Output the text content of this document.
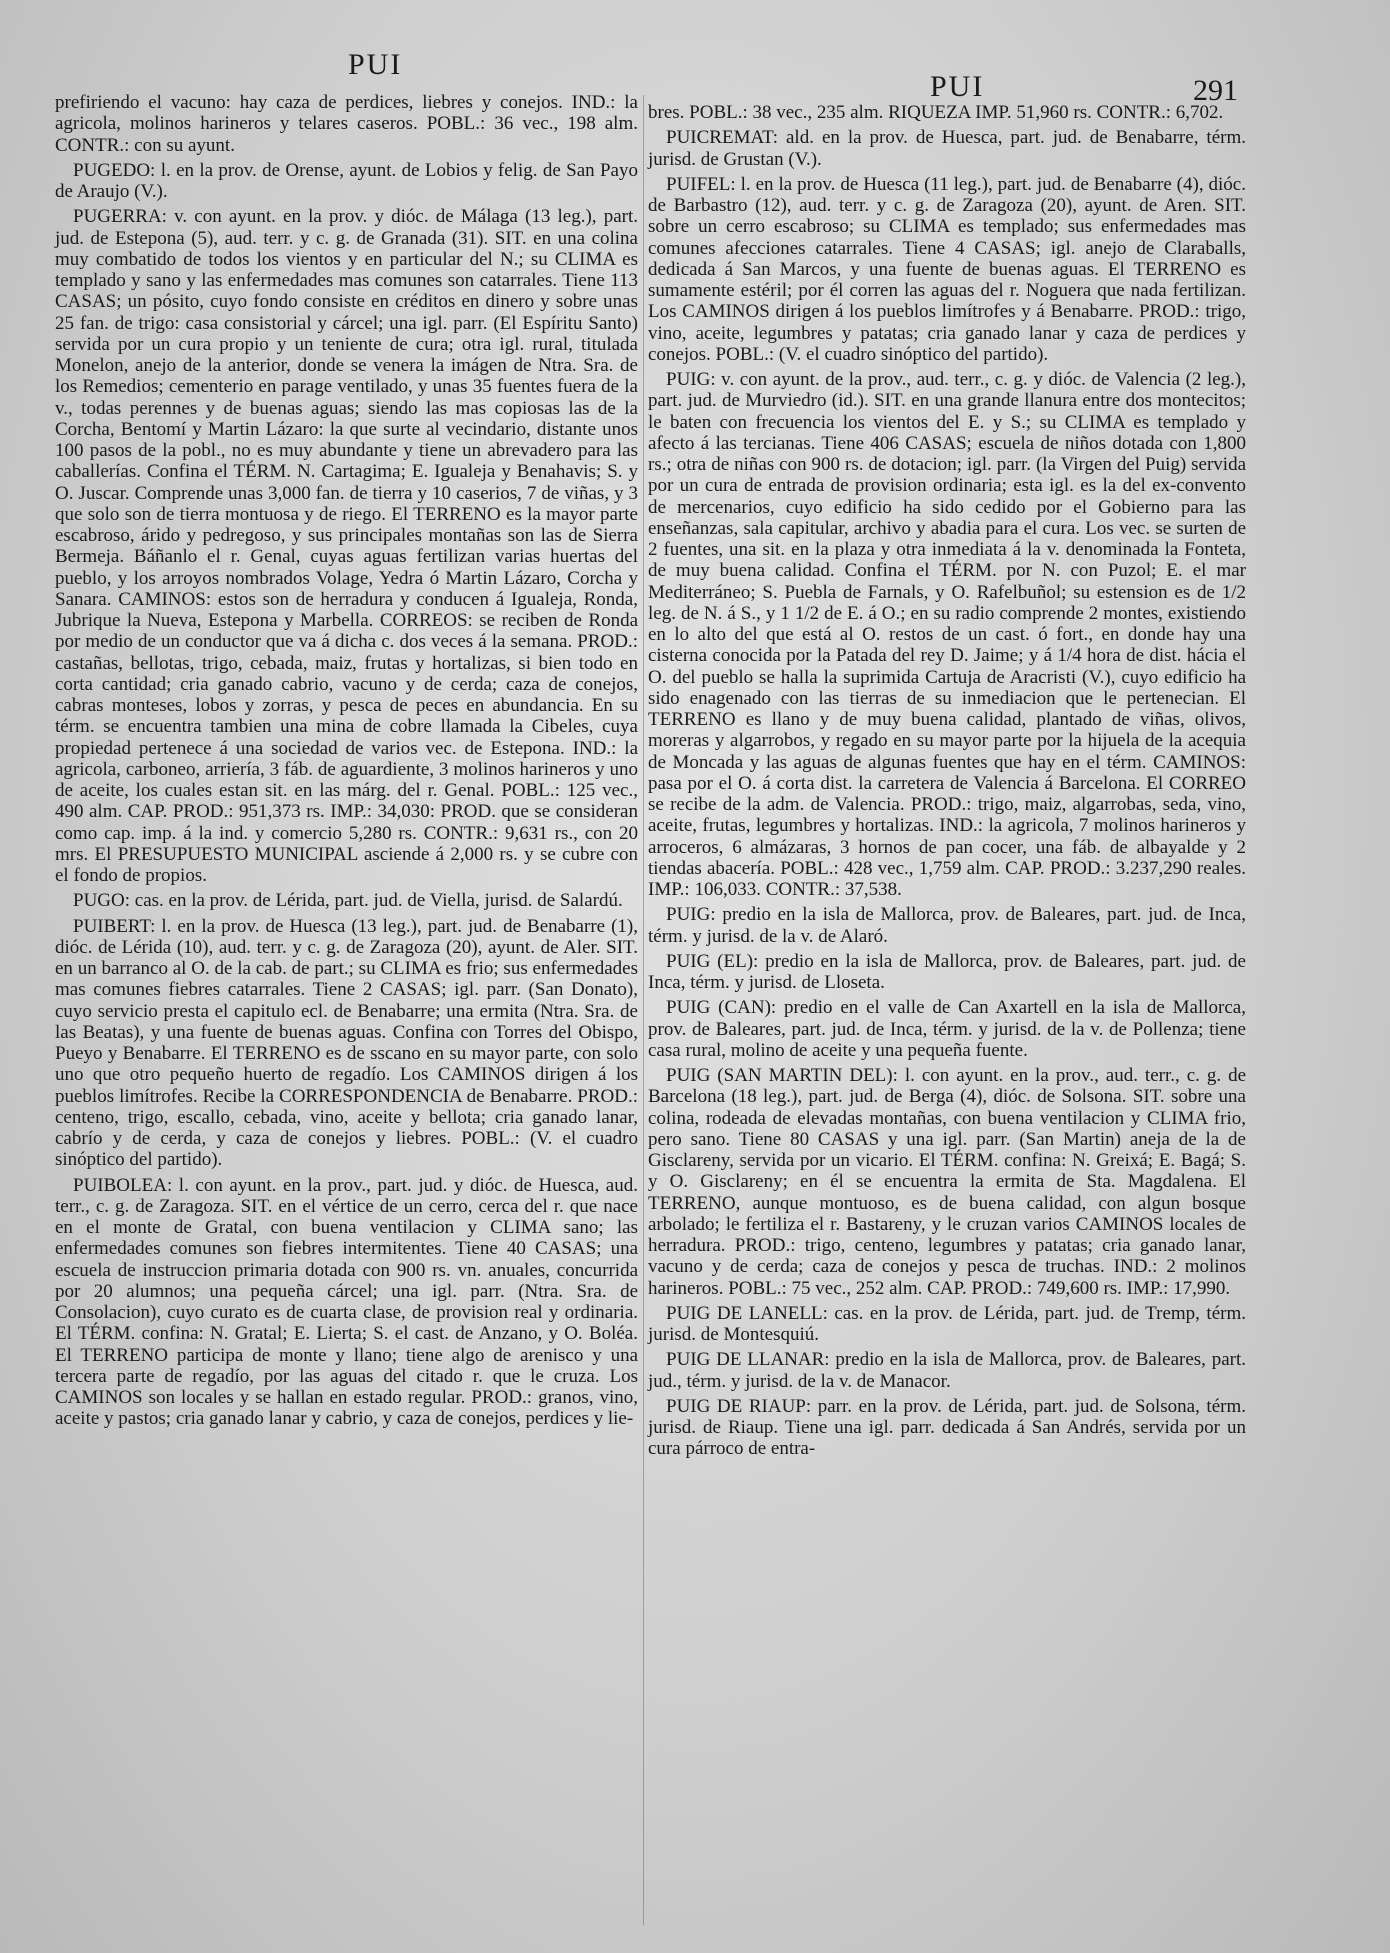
PUI
PUI	291

prefiriendo el vacuno: hay caza de perdices, liebres y conejos. IND.: la agricola, molinos harineros y telares caseros. POBL.: 36 vec., 198 alm. CONTR.: con su ayunt.

PUGEDO: l. en la prov. de Orense, ayunt. de Lobios y felig. de San Payo de Araujo (V.).

PUGERRA: v. con ayunt. en la prov. y dióc. de Málaga (13 leg.), part. jud. de Estepona (5), aud. terr. y c. g. de Granada (31). SIT. en una colina muy combatido de todos los vientos y en particular del N.; su CLIMA es templado y sano y las enfermedades mas comunes son catarrales. Tiene 113 CASAS; un pósito, cuyo fondo consiste en créditos en dinero y sobre unas 25 fan. de trigo: casa consistorial y cárcel; una igl. parr. (El Espíritu Santo) servida por un cura propio y un teniente de cura; otra igl. rural, titulada Monelon, anejo de la anterior, donde se venera la imágen de Ntra. Sra. de los Remedios; cementerio en parage ventilado, y unas 35 fuentes fuera de la v., todas perennes y de buenas aguas; siendo las mas copiosas las de la Corcha, Bentomí y Martin Lázaro: la que surte al vecindario, distante unos 100 pasos de la pobl., no es muy abundante y tiene un abrevadero para las caballerías. Confina el TÉRM. N. Cartagima; E. Igualeja y Benahavis; S. y O. Juscar. Comprende unas 3,000 fan. de tierra y 10 caserios, 7 de viñas, y 3 que solo son de tierra montuosa y de riego. El TERRENO es la mayor parte escabroso, árido y pedregoso, y sus principales montañas son las de Sierra Bermeja. Báñanlo el r. Genal, cuyas aguas fertilizan varias huertas del pueblo, y los arroyos nombrados Volage, Yedra ó Martin Lázaro, Corcha y Sanara. CAMINOS: estos son de herradura y conducen á Igualeja, Ronda, Jubrique la Nueva, Estepona y Marbella. CORREOS: se reciben de Ronda por medio de un conductor que va á dicha c. dos veces á la semana. PROD.: castañas, bellotas, trigo, cebada, maiz, frutas y hortalizas, si bien todo en corta cantidad; cria ganado cabrio, vacuno y de cerda; caza de conejos, cabras monteses, lobos y zorras, y pesca de peces en abundancia. En su térm. se encuentra tambien una mina de cobre llamada la Cibeles, cuya propiedad pertenece á una sociedad de varios vec. de Estepona. IND.: la agricola, carboneo, arriería, 3 fáb. de aguardiente, 3 molinos harineros y uno de aceite, los cuales estan sit. en las márg. del r. Genal. POBL.: 125 vec., 490 alm. CAP. PROD.: 951,373 rs. IMP.: 34,030: PROD. que se consideran como cap. imp. á la ind. y comercio 5,280 rs. CONTR.: 9,631 rs., con 20 mrs. El PRESUPUESTO MUNICIPAL asciende á 2,000 rs. y se cubre con el fondo de propios.

PUGO: cas. en la prov. de Lérida, part. jud. de Viella, jurisd. de Salardú.

PUIBERT: l. en la prov. de Huesca (13 leg.), part. jud. de Benabarre (1), dióc. de Lérida (10), aud. terr. y c. g. de Zaragoza (20), ayunt. de Aler. SIT. en un barranco al O. de la cab. de part.; su CLIMA es frio; sus enfermedades mas comunes fiebres catarrales. Tiene 2 CASAS; igl. parr. (San Donato), cuyo servicio presta el capitulo ecl. de Benabarre; una ermita (Ntra. Sra. de las Beatas), y una fuente de buenas aguas. Confina con Torres del Obispo, Pueyo y Benabarre. El TERRENO es de sscano en su mayor parte, con solo uno que otro pequeño huerto de regadío. Los CAMINOS dirigen á los pueblos limítrofes. Recibe la CORRESPONDENCIA de Benabarre. PROD.: centeno, trigo, escallo, cebada, vino, aceite y bellota; cria ganado lanar, cabrío y de cerda, y caza de conejos y liebres. POBL.: (V. el cuadro sinóptico del partido).

PUIBOLEA: l. con ayunt. en la prov., part. jud. y dióc. de Huesca, aud. terr., c. g. de Zaragoza. SIT. en el vértice de un cerro, cerca del r. que nace en el monte de Gratal, con buena ventilacion y CLIMA sano; las enfermedades comunes son fiebres intermitentes. Tiene 40 CASAS; una escuela de instruccion primaria dotada con 900 rs. vn. anuales, concurrida por 20 alumnos; una pequeña cárcel; una igl. parr. (Ntra. Sra. de Consolacion), cuyo curato es de cuarta clase, de provision real y ordinaria. El TÉRM. confina: N. Gratal; E. Lierta; S. el cast. de Anzano, y O. Boléa. El TERRENO participa de monte y llano; tiene algo de arenisco y una tercera parte de regadío, por las aguas del citado r. que le cruza. Los CAMINOS son locales y se hallan en estado regular. PROD.: granos, vino, aceite y pastos; cria ganado lanar y cabrio, y caza de conejos, perdices y lie-

bres. POBL.: 38 vec., 235 alm. RIQUEZA IMP. 51,960 rs. CONTR.: 6,702.

PUICREMAT: ald. en la prov. de Huesca, part. jud. de Benabarre, térm. jurisd. de Grustan (V.).

PUIFEL: l. en la prov. de Huesca (11 leg.), part. jud. de Benabarre (4), dióc. de Barbastro (12), aud. terr. y c. g. de Zaragoza (20), ayunt. de Aren. SIT. sobre un cerro escabroso; su CLIMA es templado; sus enfermedades mas comunes afecciones catarrales. Tiene 4 CASAS; igl. anejo de Claraballs, dedicada á San Marcos, y una fuente de buenas aguas. El TERRENO es sumamente estéril; por él corren las aguas del r. Noguera que nada fertilizan. Los CAMINOS dirigen á los pueblos limítrofes y á Benabarre. PROD.: trigo, vino, aceite, legumbres y patatas; cria ganado lanar y caza de perdices y conejos. POBL.: (V. el cuadro sinóptico del partido).

PUIG: v. con ayunt. de la prov., aud. terr., c. g. y dióc. de Valencia (2 leg.), part. jud. de Murviedro (id.). SIT. en una grande llanura entre dos montecitos; le baten con frecuencia los vientos del E. y S.; su CLIMA es templado y afecto á las tercianas. Tiene 406 CASAS; escuela de niños dotada con 1,800 rs.; otra de niñas con 900 rs. de dotacion; igl. parr. (la Virgen del Puig) servida por un cura de entrada de provision ordinaria; esta igl. es la del ex-convento de mercenarios, cuyo edificio ha sido cedido por el Gobierno para las enseñanzas, sala capitular, archivo y abadia para el cura. Los vec. se surten de 2 fuentes, una sit. en la plaza y otra inmediata á la v. denominada la Fonteta, de muy buena calidad. Confina el TÉRM. por N. con Puzol; E. el mar Mediterráneo; S. Puebla de Farnals, y O. Rafelbuñol; su estension es de 1/2 leg. de N. á S., y 1 1/2 de E. á O.; en su radio comprende 2 montes, existiendo en lo alto del que está al O. restos de un cast. ó fort., en donde hay una cisterna conocida por la Patada del rey D. Jaime; y á 1/4 hora de dist. hácia el O. del pueblo se halla la suprimida Cartuja de Aracristi (V.), cuyo edificio ha sido enagenado con las tierras de su inmediacion que le pertenecian. El TERRENO es llano y de muy buena calidad, plantado de viñas, olivos, moreras y algarrobos, y regado en su mayor parte por la hijuela de la acequia de Moncada y las aguas de algunas fuentes que hay en el térm. CAMINOS: pasa por el O. á corta dist. la carretera de Valencia á Barcelona. El CORREO se recibe de la adm. de Valencia. PROD.: trigo, maiz, algarrobas, seda, vino, aceite, frutas, legumbres y hortalizas. IND.: la agricola, 7 molinos harineros y arroceros, 6 almázaras, 3 hornos de pan cocer, una fáb. de albayalde y 2 tiendas abacería. POBL.: 428 vec., 1,759 alm. CAP. PROD.: 3.237,290 reales. IMP.: 106,033. CONTR.: 37,538.

PUIG: predio en la isla de Mallorca, prov. de Baleares, part. jud. de Inca, térm. y jurisd. de la v. de Alaró.

PUIG (EL): predio en la isla de Mallorca, prov. de Baleares, part. jud. de Inca, térm. y jurisd. de Lloseta.

PUIG (CAN): predio en el valle de Can Axartell en la isla de Mallorca, prov. de Baleares, part. jud. de Inca, térm. y jurisd. de la v. de Pollenza; tiene casa rural, molino de aceite y una pequeña fuente.

PUIG (SAN MARTIN DEL): l. con ayunt. en la prov., aud. terr., c. g. de Barcelona (18 leg.), part. jud. de Berga (4), dióc. de Solsona. SIT. sobre una colina, rodeada de elevadas montañas, con buena ventilacion y CLIMA frio, pero sano. Tiene 80 CASAS y una igl. parr. (San Martin) aneja de la de Gisclareny, servida por un vicario. El TÉRM. confina: N. Greixá; E. Bagá; S. y O. Gisclareny; en él se encuentra la ermita de Sta. Magdalena. El TERRENO, aunque montuoso, es de buena calidad, con algun bosque arbolado; le fertiliza el r. Bastareny, y le cruzan varios CAMINOS locales de herradura. PROD.: trigo, centeno, legumbres y patatas; cria ganado lanar, vacuno y de cerda; caza de conejos y pesca de truchas. IND.: 2 molinos harineros. POBL.: 75 vec., 252 alm. CAP. PROD.: 749,600 rs. IMP.: 17,990.

PUIG DE LANELL: cas. en la prov. de Lérida, part. jud. de Tremp, térm. jurisd. de Montesquiú.

PUIG DE LLANAR: predio en la isla de Mallorca, prov. de Baleares, part. jud., térm. y jurisd. de la v. de Manacor.

PUIG DE RIAUP: parr. en la prov. de Lérida, part. jud. de Solsona, térm. jurisd. de Riaup. Tiene una igl. parr. dedicada á San Andrés, servida por un cura párroco de entra-
